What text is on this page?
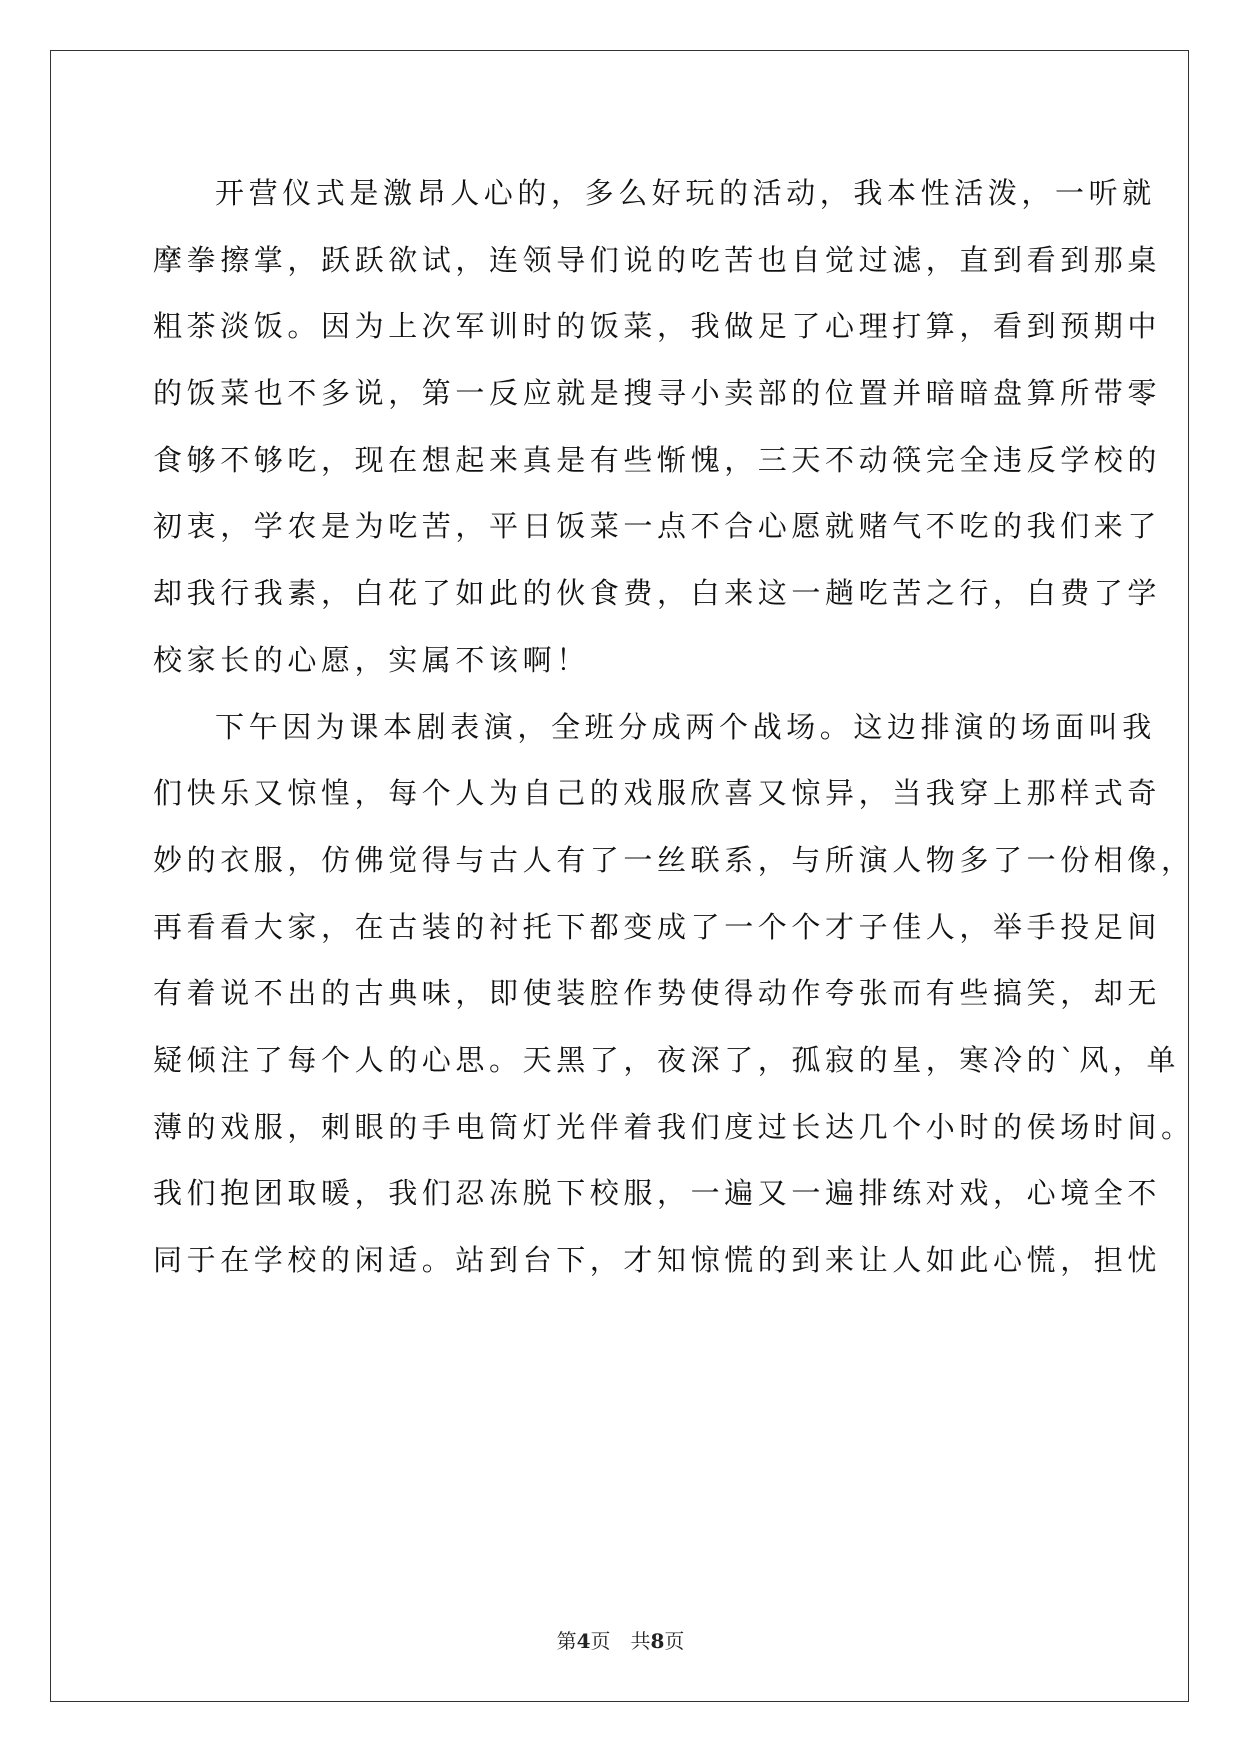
开营仪式是激昂人心的，多么好玩的活动，我本性活泼，一听就
摩拳擦掌，跃跃欲试，连领导们说的吃苦也自觉过滤，直到看到那桌
粗茶淡饭。因为上次军训时的饭菜，我做足了心理打算，看到预期中
的饭菜也不多说，第一反应就是搜寻小卖部的位置并暗暗盘算所带零
食够不够吃，现在想起来真是有些惭愧，三天不动筷完全违反学校的
初衷，学农是为吃苦，平日饭菜一点不合心愿就赌气不吃的我们来了
却我行我素，白花了如此的伙食费，白来这一趟吃苦之行，白费了学
校家长的心愿，实属不该啊！
下午因为课本剧表演，全班分成两个战场。这边排演的场面叫我
们快乐又惊惶，每个人为自己的戏服欣喜又惊异，当我穿上那样式奇
妙的衣服，仿佛觉得与古人有了一丝联系，与所演人物多了一份相像，
再看看大家，在古装的衬托下都变成了一个个才子佳人，举手投足间
有着说不出的古典味，即使装腔作势使得动作夸张而有些搞笑，却无
疑倾注了每个人的心思。天黑了，夜深了，孤寂的星，寒冷的`风，单
薄的戏服，刺眼的手电筒灯光伴着我们度过长达几个小时的侯场时间。
我们抱团取暖，我们忍冻脱下校服，一遍又一遍排练对戏，心境全不
同于在学校的闲适。站到台下，才知惊慌的到来让人如此心慌，担忧
第4页 共8页
